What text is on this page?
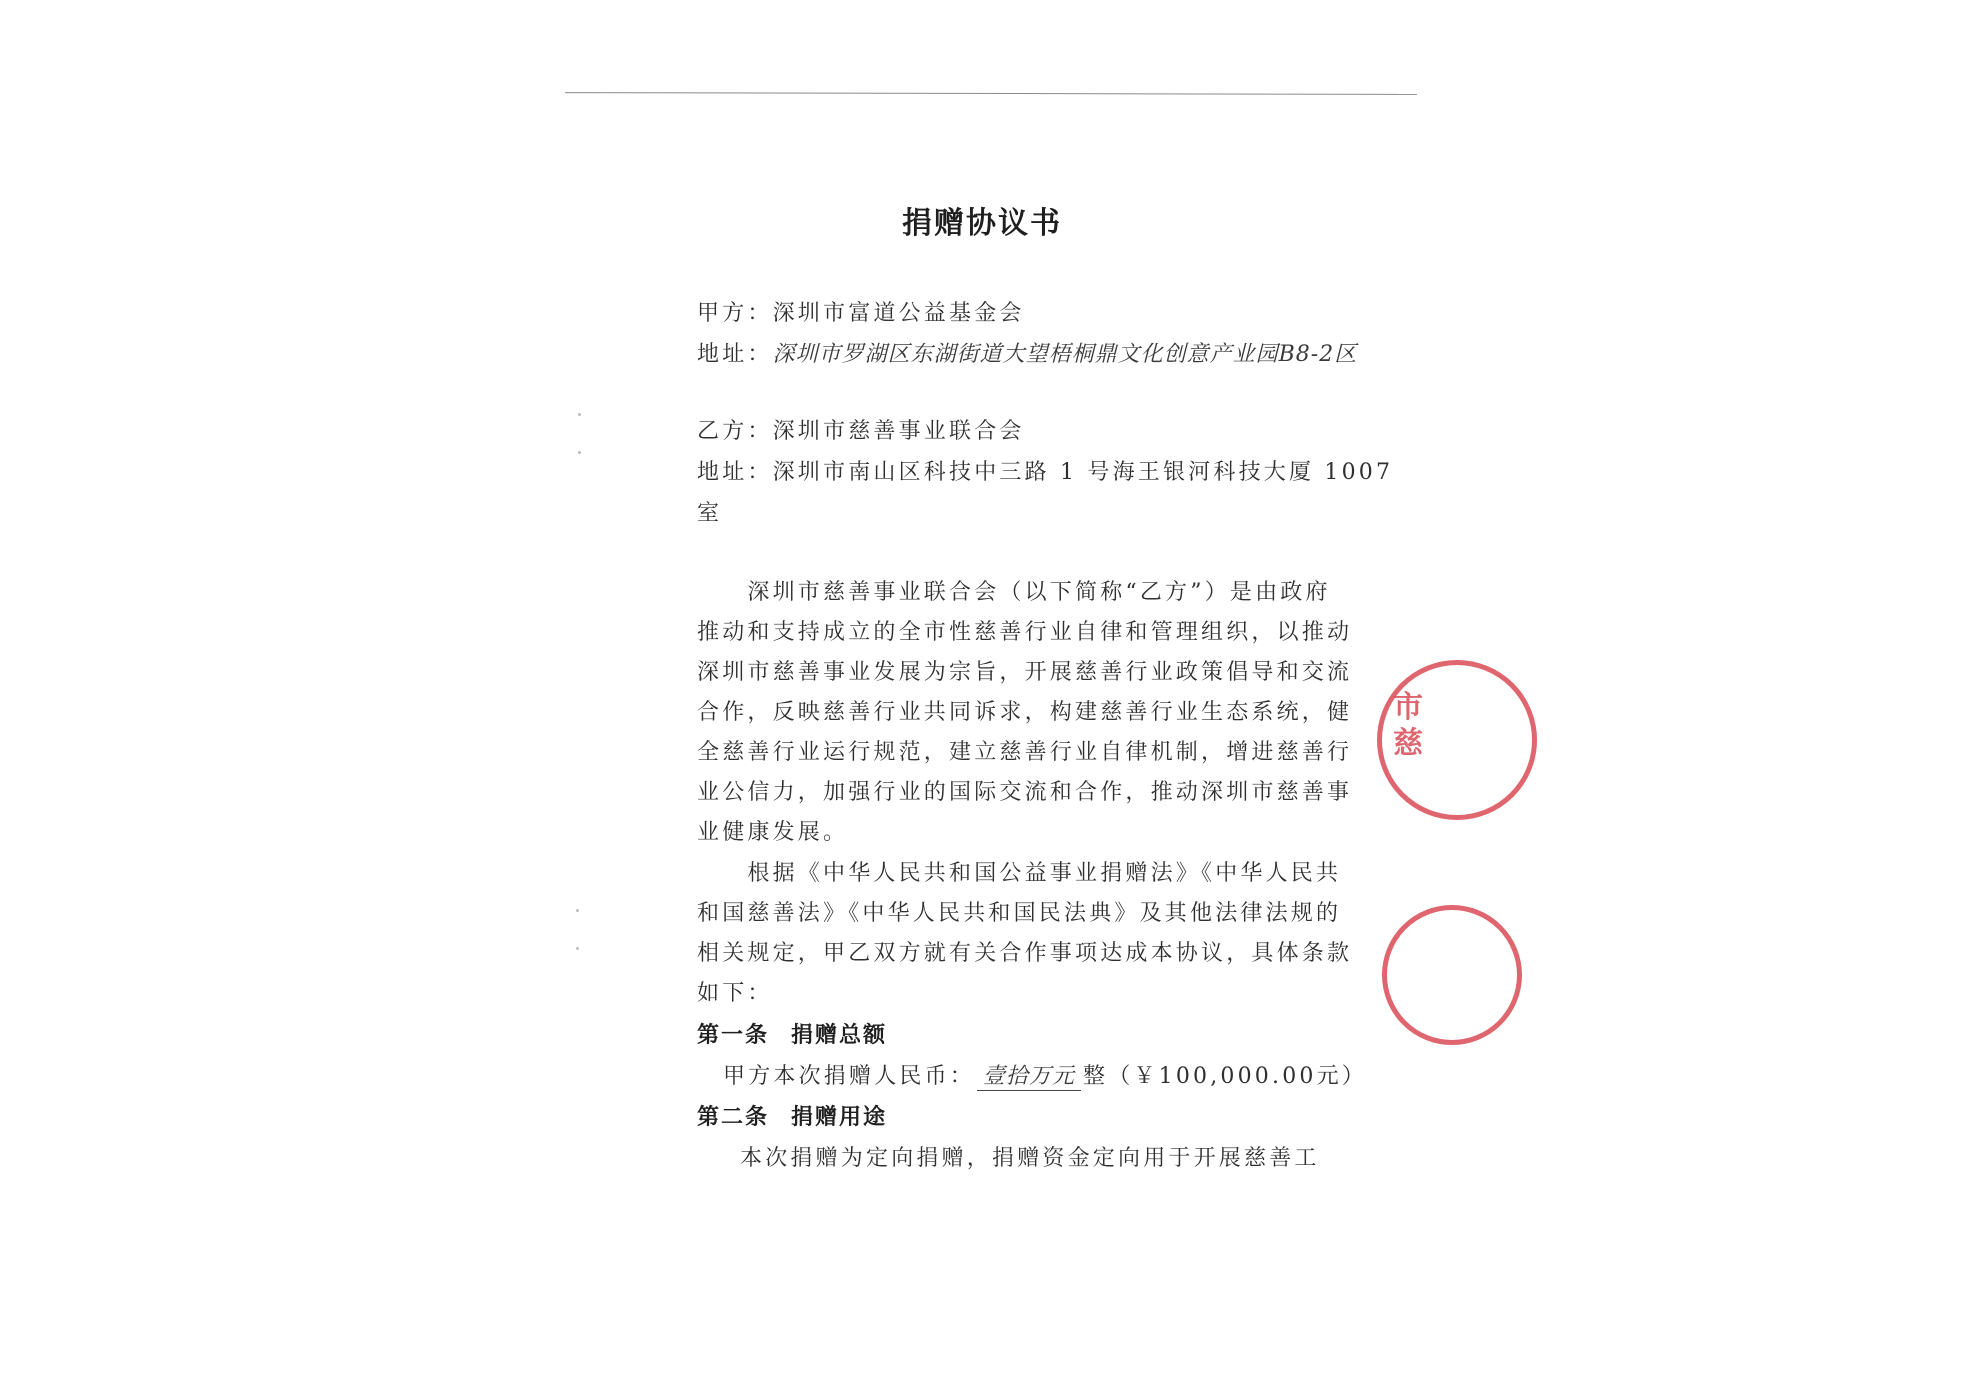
捐赠协议书
甲方：深圳市富道公益基金会
地址：深圳市罗湖区东湖街道大望梧桐鼎文化创意产业园B8-2区
乙方：深圳市慈善事业联合会
地址：深圳市南山区科技中三路 1 号海王银河科技大厦 1007
室
　　深圳市慈善事业联合会（以下简称“乙方”）是由政府
推动和支持成立的全市性慈善行业自律和管理组织，以推动
深圳市慈善事业发展为宗旨，开展慈善行业政策倡导和交流
合作，反映慈善行业共同诉求，构建慈善行业生态系统，健
全慈善行业运行规范，建立慈善行业自律机制，增进慈善行
业公信力，加强行业的国际交流和合作，推动深圳市慈善事
业健康发展。
　　根据《中华人民共和国公益事业捐赠法》《中华人民共
和国慈善法》《中华人民共和国民法典》及其他法律法规的
相关规定，甲乙双方就有关合作事项达成本协议，具体条款
如下：
第一条 捐赠总额
甲方本次捐赠人民币： 壹拾万元 整（￥100,000.00元）
第二条 捐赠用途
本次捐赠为定向捐赠，捐赠资金定向用于开展慈善工
市慈
